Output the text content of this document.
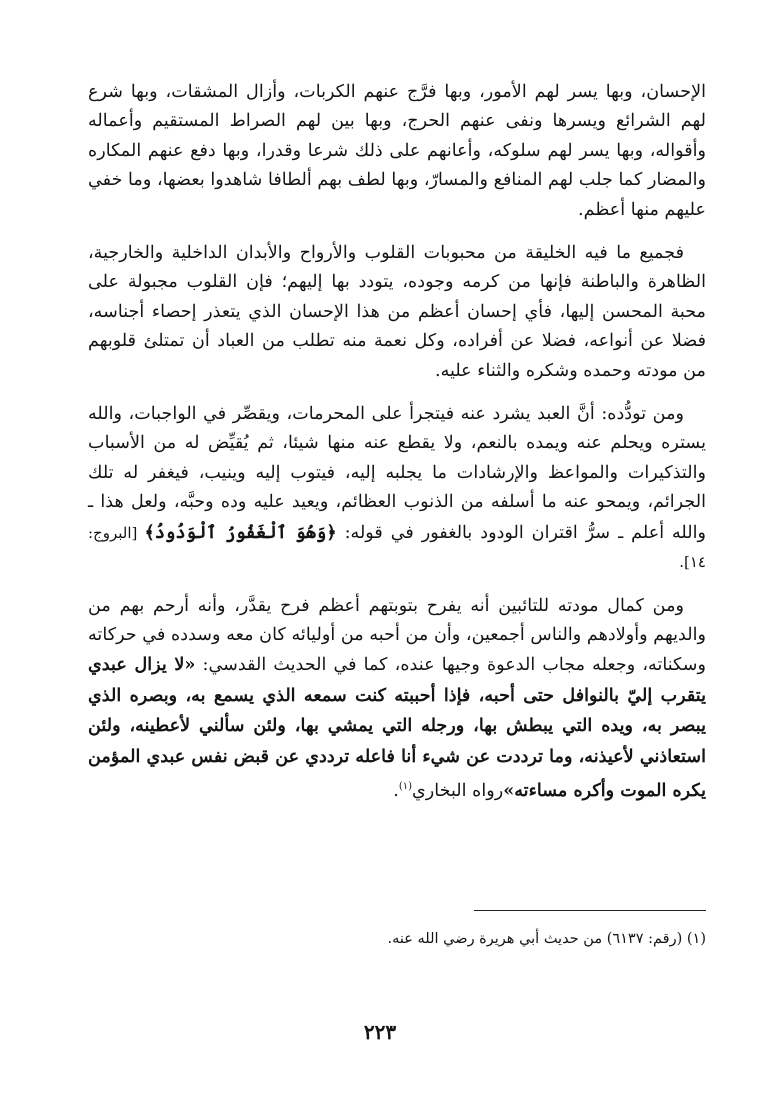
الإحسان، وبها يسر لهم الأمور، وبها فرَّج عنهم الكربات، وأزال المشقات، وبها شرع لهم الشرائع ويسرها ونفى عنهم الحرج، وبها بين لهم الصراط المستقيم وأعماله وأقواله، وبها يسر لهم سلوكه، وأعانهم على ذلك شرعا وقدرا، وبها دفع عنهم المكاره والمضار كما جلب لهم المنافع والمسارّ، وبها لطف بهم ألطافا شاهدوا بعضها، وما خفي عليهم منها أعظم.

فجميع ما فيه الخليقة من محبوبات القلوب والأرواح والأبدان الداخلية والخارجية، الظاهرة والباطنة فإنها من كرمه وجوده، يتودد بها إليهم؛ فإن القلوب مجبولة على محبة المحسن إليها، فأي إحسان أعظم من هذا الإحسان الذي يتعذر إحصاء أجناسه، فضلا عن أنواعه، فضلا عن أفراده، وكل نعمة منه تطلب من العباد أن تمتلئ قلوبهم من مودته وحمده وشكره والثناء عليه.

ومن تودُّده: أنَّ العبد يشرد عنه فيتجرأ على المحرمات، ويقصِّر في الواجبات، والله يستره ويحلم عنه ويمده بالنعم، ولا يقطع عنه منها شيئا، ثم يُقيِّض له من الأسباب والتذكيرات والمواعظ والإرشادات ما يجلبه إليه، فيتوب إليه وينيب، فيغفر له تلك الجرائم، ويمحو عنه ما أسلفه من الذنوب العظائم، ويعيد عليه وده وحبَّه، ولعل هذا ـ والله أعلم ـ سرُّ اقتران الودود بالغفور في قوله: ﴿وَهُوَ ٱلْغَفُورُ ٱلْوَدُودُ﴾ [البروج: ١٤].

ومن كمال مودته للتائبين أنه يفرح بتوبتهم أعظم فرح يقدَّر، وأنه أرحم بهم من والديهم وأولادهم والناس أجمعين، وأن من أحبه من أوليائه كان معه وسدده في حركاته وسكناته، وجعله مجاب الدعوة وجيها عنده، كما في الحديث القدسي: «لا يزال عبدي يتقرب إليّ بالنوافل حتى أحبه، فإذا أحببته كنت سمعه الذي يسمع به، وبصره الذي يبصر به، ويده التي يبطش بها، ورجله التي يمشي بها، ولئن سألني لأعطينه، ولئن استعاذني لأعيذنه، وما ترددت عن شيء أنا فاعله ترددي عن قبض نفس عبدي المؤمن يكره الموت وأكره مساءته»رواه البخاري$^{(١)}$.

(١) (رقم: ٦١٣٧) من حديث أبي هريرة رضي الله عنه.
٢٢٣
